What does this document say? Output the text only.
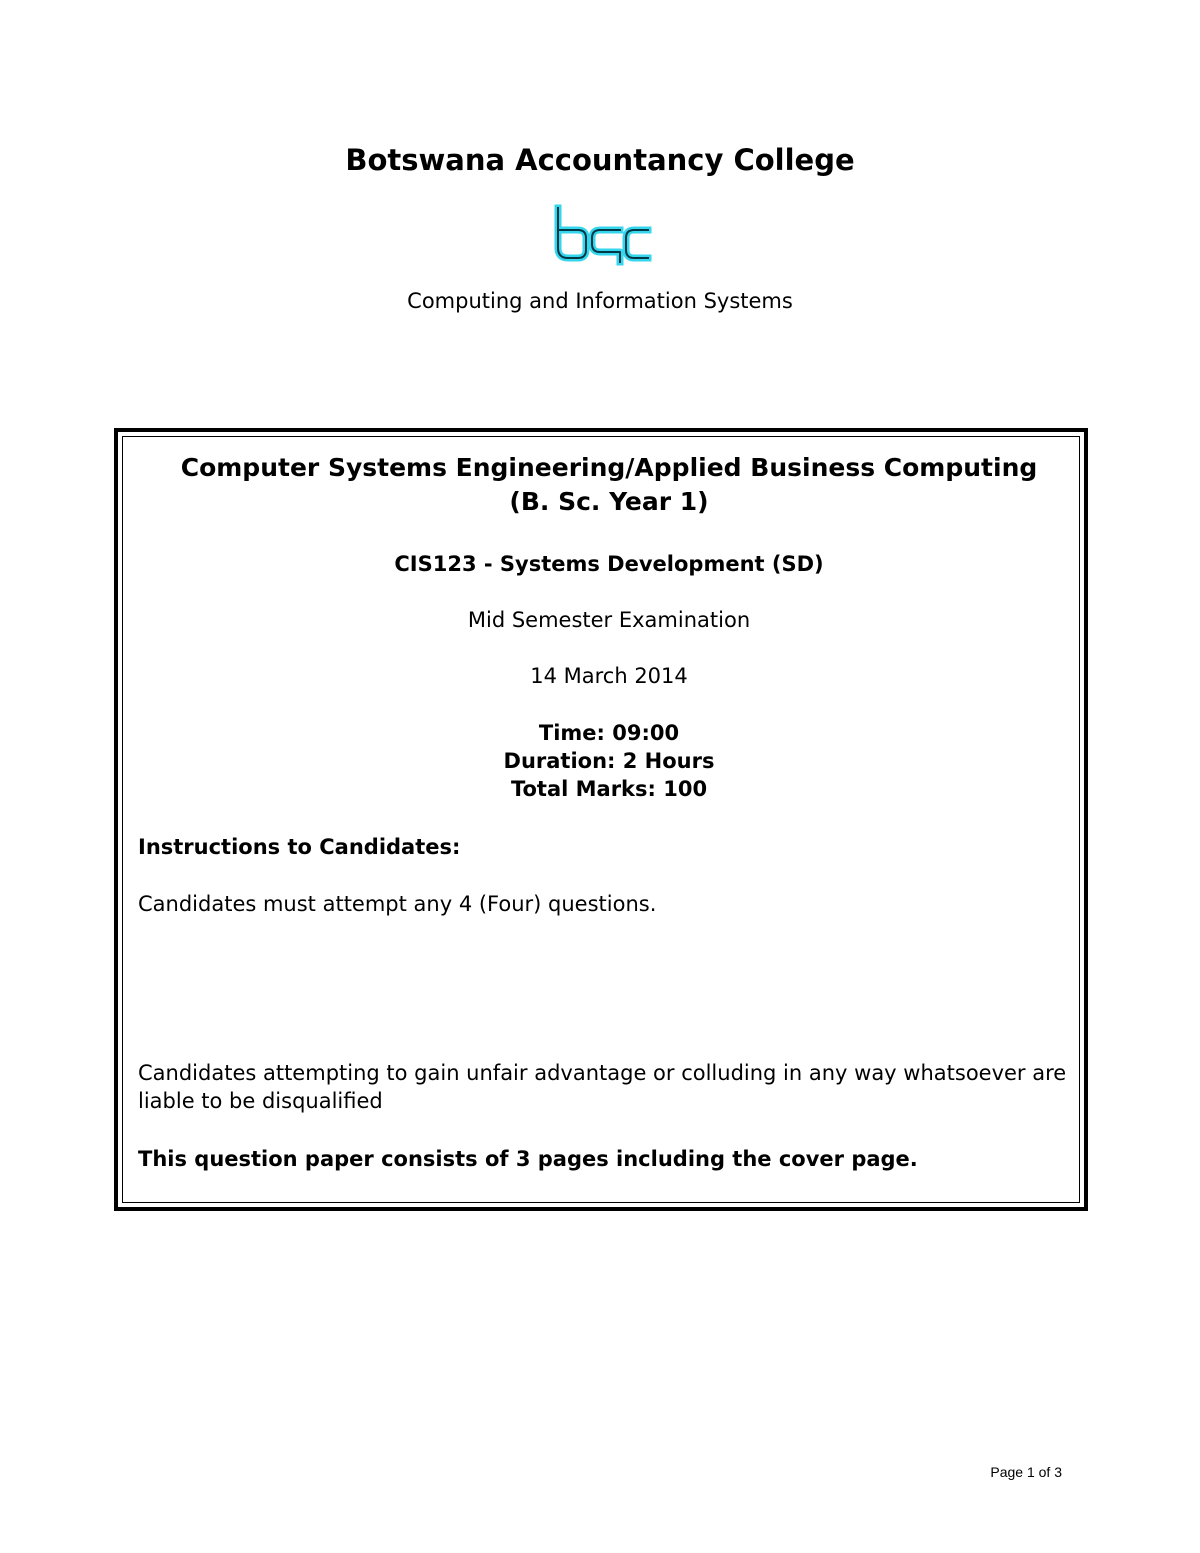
Botswana Accountancy College
Computing and Information Systems
Computer Systems Engineering/Applied Business Computing
(B. Sc. Year 1)
CIS123 - Systems Development (SD)
Mid Semester Examination
14 March 2014
Time: 09:00
Duration: 2 Hours
Total Marks: 100
Instructions to Candidates:
Candidates must attempt any 4 (Four) questions.
Candidates attempting to gain unfair advantage or colluding in any way whatsoever are
liable to be disqualified
This question paper consists of 3 pages including the cover page.
Page 1 of 3
